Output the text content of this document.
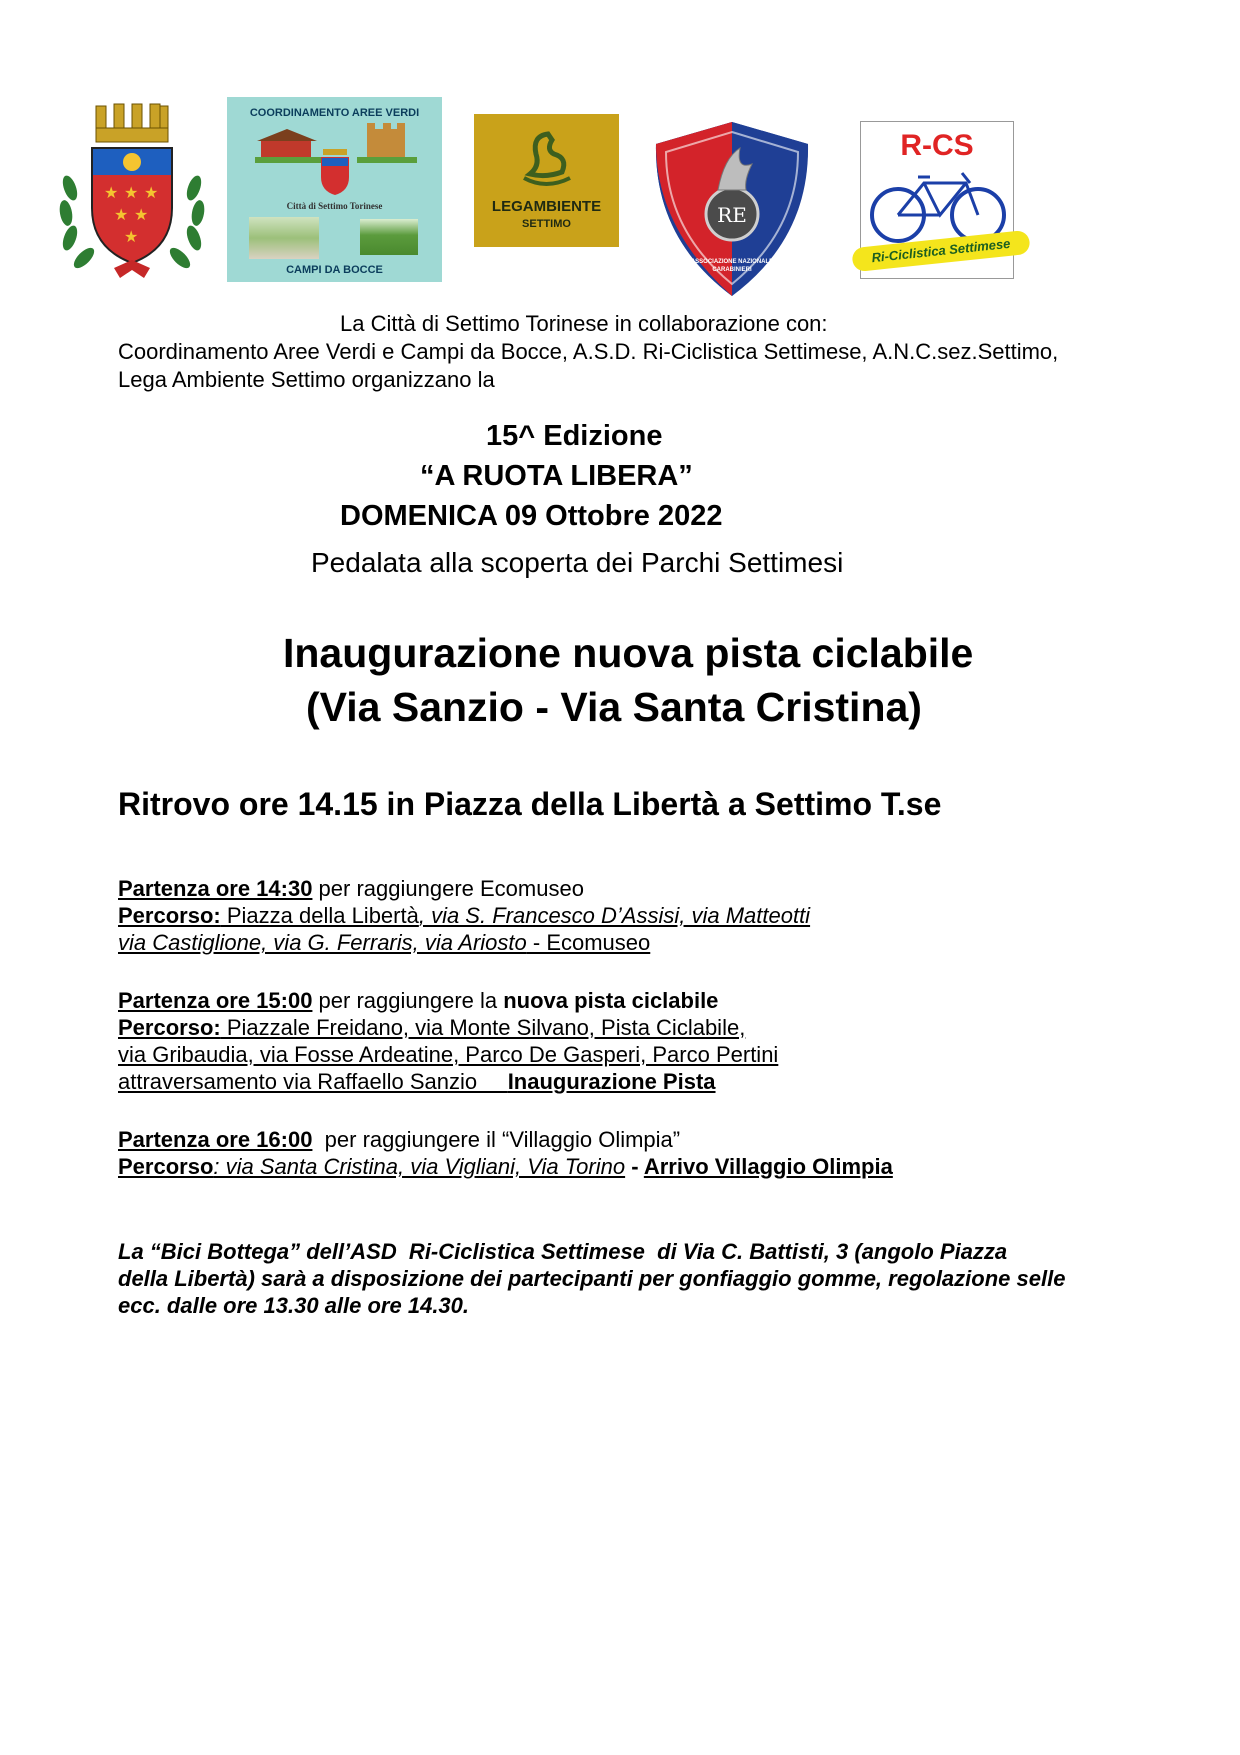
★ ★ ★
★ ★
★
COORDINAMENTO AREE VERDI
Città di Settimo Torinese
CAMPI DA BOCCE
LEGAMBIENTE
SETTIMO	RE
ASSOCIAZIONE NAZIONALE CARABINIERI
R-CS
Ri-Ciclistica Settimese
La Città di Settimo Torinese in collaborazione con:
Coordinamento Aree Verdi e Campi da Bocce, A.S.D. Ri-Ciclistica Settimese, A.N.C.sez.Settimo,
Lega Ambiente Settimo organizzano la
15^ Edizione
“A RUOTA LIBERA”
DOMENICA 09 Ottobre 2022
Pedalata alla scoperta dei Parchi Settimesi
Inaugurazione nuova pista ciclabile
(Via Sanzio - Via Santa Cristina)
Ritrovo ore 14.15 in Piazza della Libertà a Settimo T.se
Partenza ore 14:30 per raggiungere Ecomuseo
Percorso: Piazza della Libertà, via S. Francesco D’Assisi, via Matteotti
via Castiglione, via G. Ferraris, via Ariosto - Ecomuseo
Partenza ore 15:00 per raggiungere la nuova pista ciclabile
Percorso: Piazzale Freidano, via Monte Silvano, Pista Ciclabile,
via Gribaudia, via Fosse Ardeatine, Parco De Gasperi, Parco Pertini
attraversamento via Raffaello Sanzio     Inaugurazione Pista
Partenza ore 16:00  per raggiungere il “Villaggio Olimpia”
Percorso: via Santa Cristina, via Vigliani, Via Torino - Arrivo Villaggio Olimpia
La “Bici Bottega” dell’ASD  Ri-Ciclistica Settimese  di Via C. Battisti, 3 (angolo Piazza
della Libertà) sarà a disposizione dei partecipanti per gonfiaggio gomme, regolazione selle
ecc. dalle ore 13.30 alle ore 14.30.
